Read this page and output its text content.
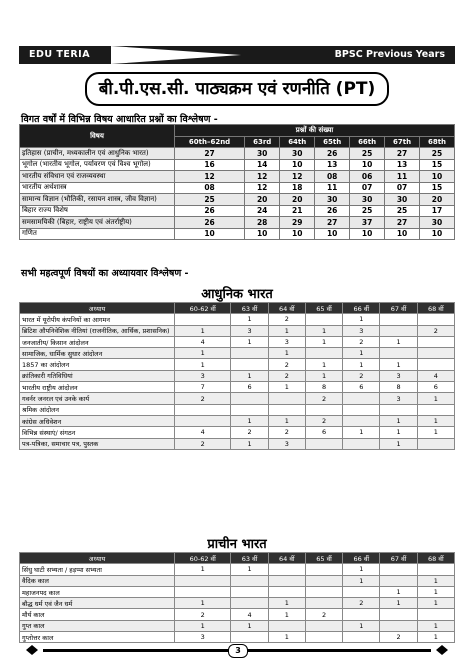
EDU TERIA	BPSC Previous Years
बी.पी.एस.सी. पाठ्यक्रम एवं रणनीति (PT)
विगत वर्षों में विभिन्न विषय आधारित प्रश्नों का विश्लेषण -
विषय	प्रश्नों की संख्या						
	60th–62nd	63rd	64th	65th	66th	67th	68th
इतिहास (प्राचीन, मध्यकालीन एवं आधुनिक भारत)	27	30	30	26	25	27	25
भूगोल (भारतीय भूगोल, पर्यावरण एवं विश्व भूगोल)	16	14	10	13	10	13	15
भारतीय संविधान एवं राजव्यवस्था	12	12	12	08	06	11	10
भारतीय अर्थशास्त्र	08	12	18	11	07	07	15
सामान्य विज्ञान (भौतिकी, रसायन शास्त्र, जीव विज्ञान)	25	20	20	30	30	30	20
बिहार राज्य विशेष	26	24	21	26	25	25	17
समसामयिकी (बिहार, राष्ट्रीय एवं अंतर्राष्ट्रीय)	26	28	29	27	37	27	30
गणित	10	10	10	10	10	10	10
सभी महत्वपूर्ण विषयों का अध्यायवार विश्लेषण -
आधुनिक भारत
अध्याय	60-62 वीं	63 वीं	64 वीं	65 वीं	66 वीं	67 वीं	68 वीं
भारत में यूरोपीय कंपनियों का आगमन		1	2		1		
ब्रिटिश औपनिवेशिक नीतियां (राजनीतिक, आर्थिक, प्रशासनिक)	1	3	1	1	3		2
जनजातीय/ किसान आंदोलन	4	1	3	1	2	1	
सामाजिक, धार्मिक सुधार आंदोलन	1		1		1		
1857 का आंदोलन	1		2	1	1	1	
क्रांतिकारी गतिविधियां	3	1	2	1	2	3	4
भारतीय राष्ट्रीय आंदोलन	7	6	1	8	6	8	6
गवर्नर जनरल एवं उनके कार्य	2			2		3	1
श्रमिक आंदोलन							
कांग्रेस अधिवेशन		1	1	2		1	1
विभिन्न संस्थाएं/ संगठन	4	2	2	6	1	1	1
पत्र-पत्रिका, समाचार पत्र, पुस्तक	2	1	3			1	
प्राचीन भारत
अध्याय	60-62 वीं	63 वीं	64 वीं	65 वीं	66 वीं	67 वीं	68 वीं
सिंधु घाटी सभ्यता / हड़प्पा सभ्यता	1	1			1		
वैदिक काल					1		1
महाजनपद काल						1	1
बौद्ध धर्म एवं जैन धर्म	1		1		2	1	1
मौर्य काल	2	4	1	2			
गुप्त काल	1	1			1		1
गुप्तोत्तर काल	3		1			2	1
3
